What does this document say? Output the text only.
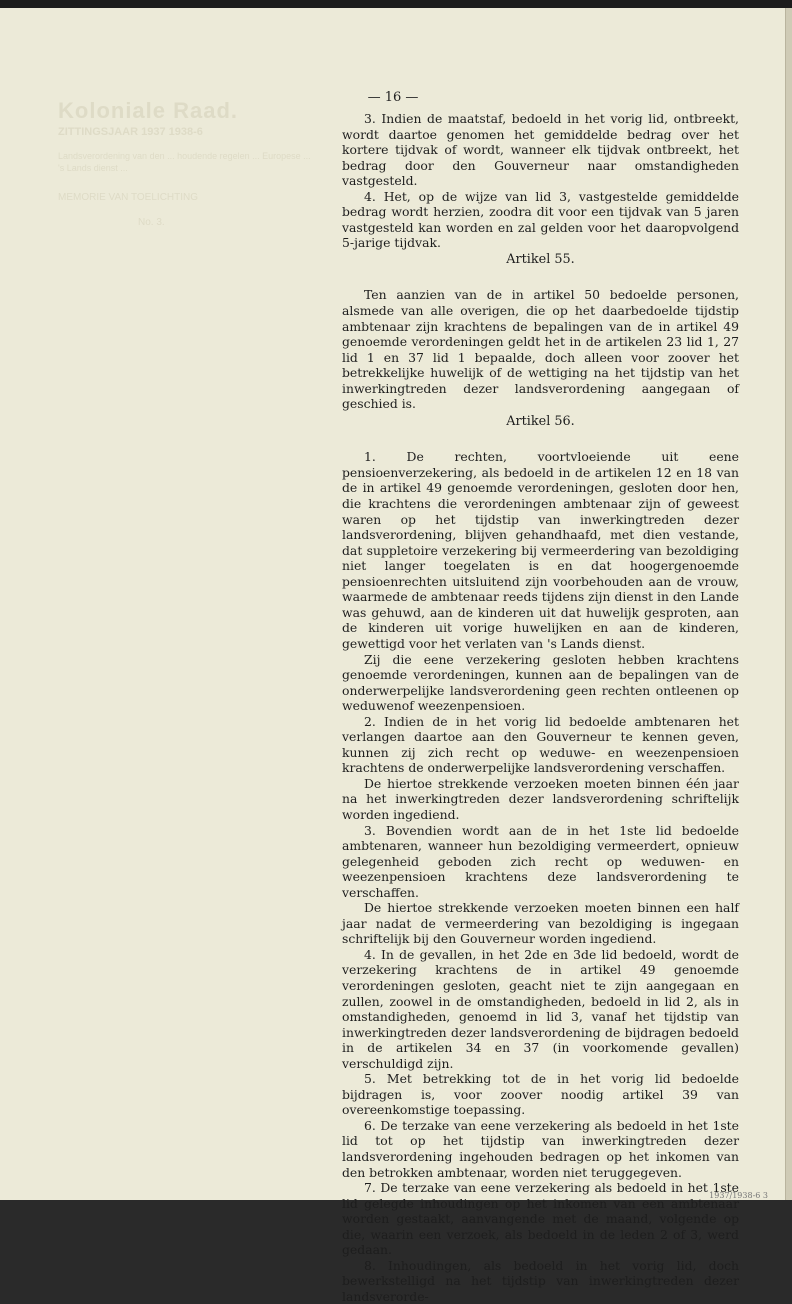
Koloniale Raad.
ZITTINGSJAAR 1937 1938-6
Landsverordening van den ... houdende regelen ... Europese ... 's Lands dienst ...
MEMORIE VAN TOELICHTING
No. 3.
— 16 —

3. Indien de maatstaf, bedoeld in het vorig lid, ontbreekt, wordt daartoe genomen het gemiddelde bedrag over het kortere tijdvak of wordt, wanneer elk tijdvak ontbreekt, het bedrag door den Gouverneur naar omstandigheden vastgesteld.

4. Het, op de wijze van lid 3, vastgestelde gemiddelde bedrag wordt herzien, zoodra dit voor een tijdvak van 5 jaren vastgesteld kan worden en zal gelden voor het daaropvolgend 5-jarige tijdvak.

Artikel 55.

Ten aanzien van de in artikel 50 bedoelde personen, alsmede van alle overigen, die op het daarbedoelde tijdstip ambtenaar zijn krachtens de bepalingen van de in artikel 49 genoemde verordeningen geldt het in de artikelen 23 lid 1, 27 lid 1 en 37 lid 1 bepaalde, doch alleen voor zoover het betrekkelijke huwelijk of de wettiging na het tijdstip van het inwerkingtreden dezer landsverordening aangegaan of geschied is.

Artikel 56.

1. De rechten, voortvloeiende uit eene pensioenverzekering, als bedoeld in de artikelen 12 en 18 van de in artikel 49 genoemde verordeningen, gesloten door hen, die krachtens die verordeningen ambtenaar zijn of geweest waren op het tijdstip van inwerkingtreden dezer landsverordening, blijven gehandhaafd, met dien vestande, dat suppletoire verzekering bij vermeerdering van bezoldiging niet langer toegelaten is en dat hoogergenoemde pensioenrechten uitsluitend zijn voorbehouden aan de vrouw, waarmede de ambtenaar reeds tijdens zijn dienst in den Lande was gehuwd, aan de kinderen uit dat huwelijk gesproten, aan de kinderen uit vorige huwelijken en aan de kinderen, gewettigd voor het verlaten van 's Lands dienst.

Zij die eene verzekering gesloten hebben krachtens genoemde verordeningen, kunnen aan de bepalingen van de onderwerpelijke landsverordening geen rechten ontleenen op weduwenof weezenpensioen.

2. Indien de in het vorig lid bedoelde ambtenaren het verlangen daartoe aan den Gouverneur te kennen geven, kunnen zij zich recht op weduwe- en weezenpensioen krachtens de onderwerpelijke landsverordening verschaffen.

De hiertoe strekkende verzoeken moeten binnen één jaar na het inwerkingtreden dezer landsverordening schriftelijk worden ingediend.

3. Bovendien wordt aan de in het 1ste lid bedoelde ambtenaren, wanneer hun bezoldiging vermeerdert, opnieuw gelegenheid geboden zich recht op weduwen- en weezenpensioen krachtens deze landsverordening te verschaffen.

De hiertoe strekkende verzoeken moeten binnen een half jaar nadat de vermeerdering van bezoldiging is ingegaan schriftelijk bij den Gouverneur worden ingediend.

4. In de gevallen, in het 2de en 3de lid bedoeld, wordt de verzekering krachtens de in artikel 49 genoemde verordeningen gesloten, geacht niet te zijn aangegaan en zullen, zoowel in de omstandigheden, bedoeld in lid 2, als in omstandigheden, genoemd in lid 3, vanaf het tijdstip van inwerkingtreden dezer landsverordening de bijdragen bedoeld in de artikelen 34 en 37 (in voorkomende gevallen) verschuldigd zijn.

5. Met betrekking tot de in het vorig lid bedoelde bijdragen is, voor zoover noodig artikel 39 van overeenkomstige toepassing.

6. De terzake van eene verzekering als bedoeld in het 1ste lid tot op het tijdstip van inwerkingtreden dezer landsverordening ingehouden bedragen op het inkomen van den betrokken ambtenaar, worden niet teruggegeven.

7. De terzake van eene verzekering als bedoeld in het 1ste lid gelegde inhoudingen op het inkomen van een ambtenaar worden gestaakt, aanvangende met de maand, volgende op die, waarin een verzoek, als bedoeld in de leden 2 of 3, werd gedaan.

8. Inhoudingen, als bedoeld in het vorig lid, doch bewerkstelligd na het tijdstip van inwerkingtreden dezer landsverorde-

1937/1938-6 3
